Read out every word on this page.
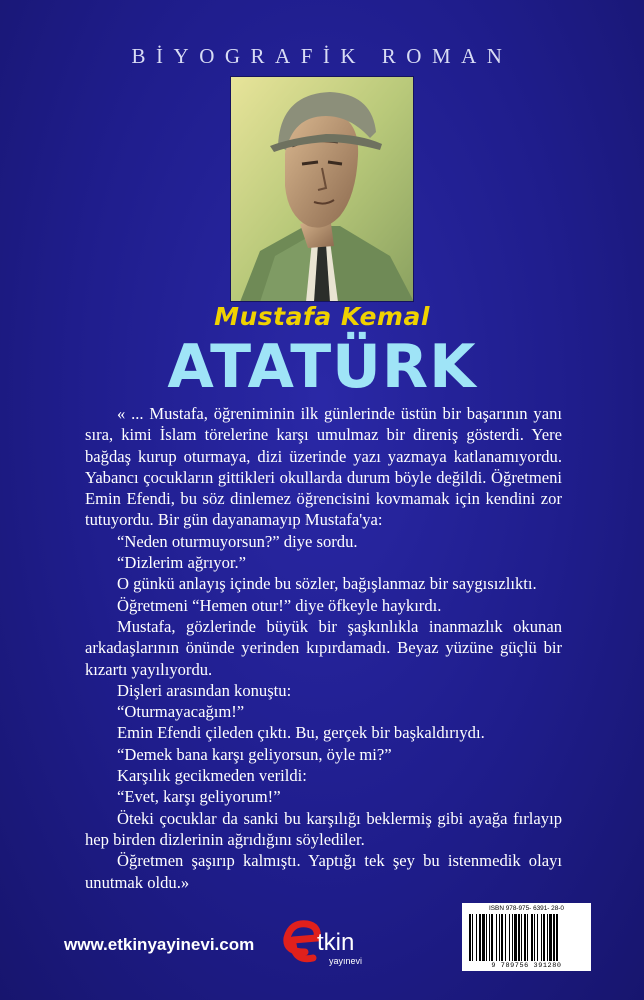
BİYOGRAFİK ROMAN
Mustafa Kemal
ATATÜRK

« ... Mustafa, öğreniminin ilk günlerinde üstün bir başarının yanı sıra, kimi İslam törelerine karşı umulmaz bir direniş gösterdi. Yere bağdaş kurup oturmaya, dizi üzerinde yazı yazmaya katlanamıyordu. Yabancı çocukların gittikleri okullarda durum böyle değildi. Öğretmeni Emin Efendi, bu söz dinlemez öğrencisini kovmamak için kendini zor tutuyordu. Bir gün dayanamayıp Mustafa'ya:

“Neden oturmuyorsun?” diye sordu.

“Dizlerim ağrıyor.”

O günkü anlayış içinde bu sözler, bağışlanmaz bir saygısızlıktı.

Öğretmeni “Hemen otur!” diye öfkeyle haykırdı.

Mustafa, gözlerinde büyük bir şaşkınlıkla inanmazlık okunan arkadaşlarının önünde yerinden kıpırdamadı. Beyaz yüzüne güçlü bir kızartı yayılıyordu.

Dişleri arasından konuştu:

“Oturmayacağım!”

Emin Efendi çileden çıktı. Bu, gerçek bir başkaldırıydı.

“Demek bana karşı geliyorsun, öyle mi?”

Karşılık gecikmeden verildi:

“Evet, karşı geliyorum!”

Öteki çocuklar da sanki bu karşılığı beklermiş gibi ayağa fırlayıp hep birden dizlerinin ağrıdığını söylediler.

Öğretmen şaşırıp kalmıştı. Yaptığı tek şey bu istenmedik olayı unutmak oldu.»

www.etkinyayinevi.com	tkin
yayınevi
ISBN 978-975- 6391- 28-0
9 789756 391280
